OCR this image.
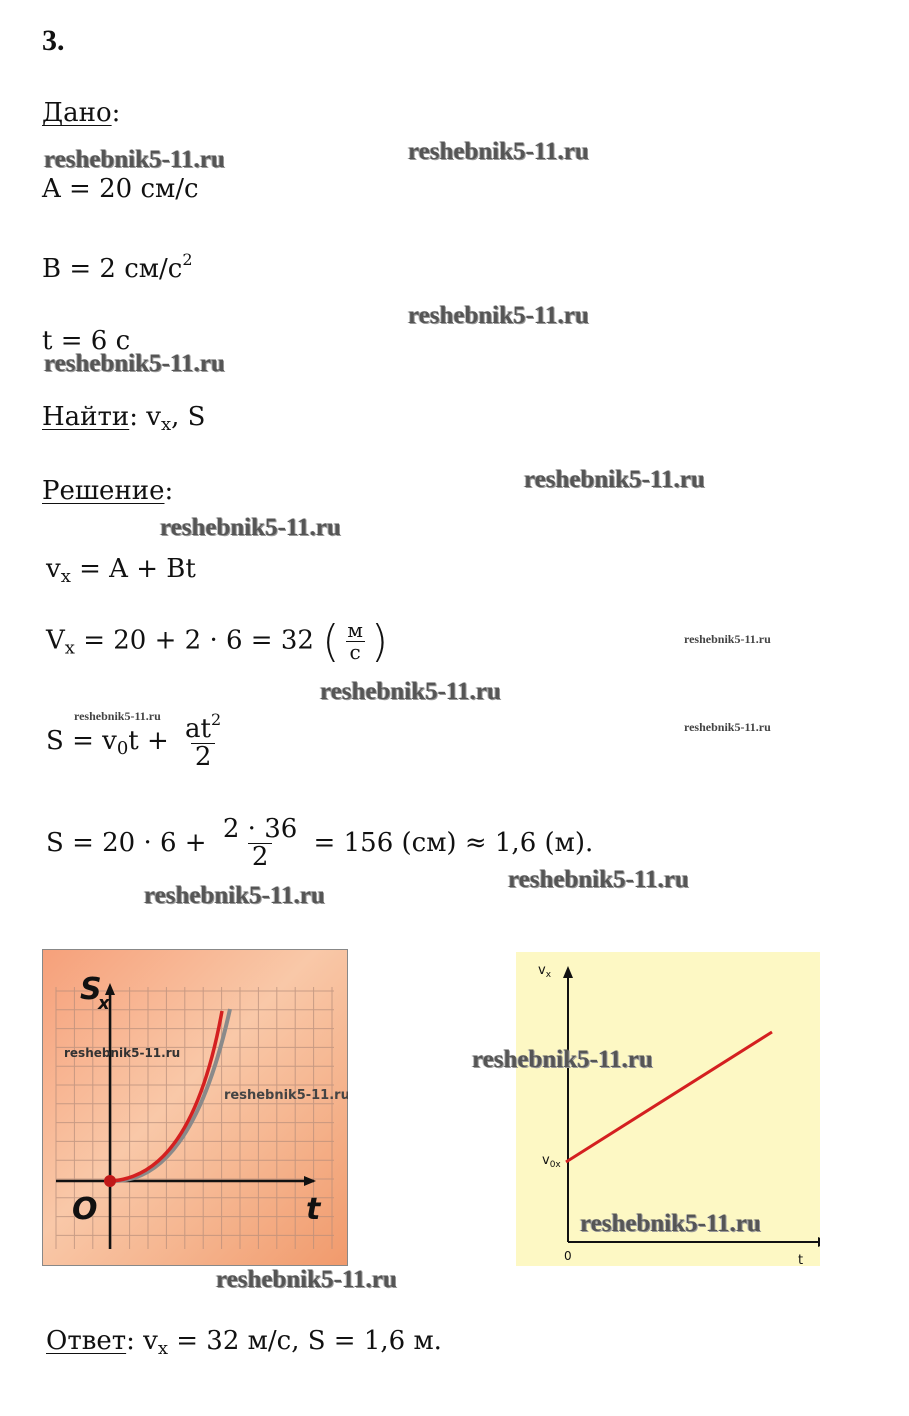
3.
Дано:
A = 20 см/с
B = 2 $см/с^2$
t = 6 с
Найти: $v_x$, S
Решение:
$v_x = A + Bt$
$V_x = 20 + 2 \cdot 6 = 32$ ( $\frac{м}{с}$ )
$S = v_0t + \frac{at^2}{2}$
$S = 20 \cdot 6 + \frac{2 \cdot 36}{2} = 156$ (см) ≈ 1,6 (м).
reshebnik5-11.ru	reshebnik5-11.ru
reshebnik5-11.ru
reshebnik5-11.ru
reshebnik5-11.ru
reshebnik5-11.ru
reshebnik5-11.ru
reshebnik5-11.ru
reshebnik5-11.ru
reshebnik5-11.ru
reshebnik5-11.ru
reshebnik5-11.ru
S
x
t
O
reshebnik5-11.ru
reshebnik5-11.ru
$v_x$
$v_{0x}$
0	t
reshebnik5-11.ru
reshebnik5-11.ru
reshebnik5-11.ru
Ответ: $v_x = 32$ м/с, S = 1,6 м.
